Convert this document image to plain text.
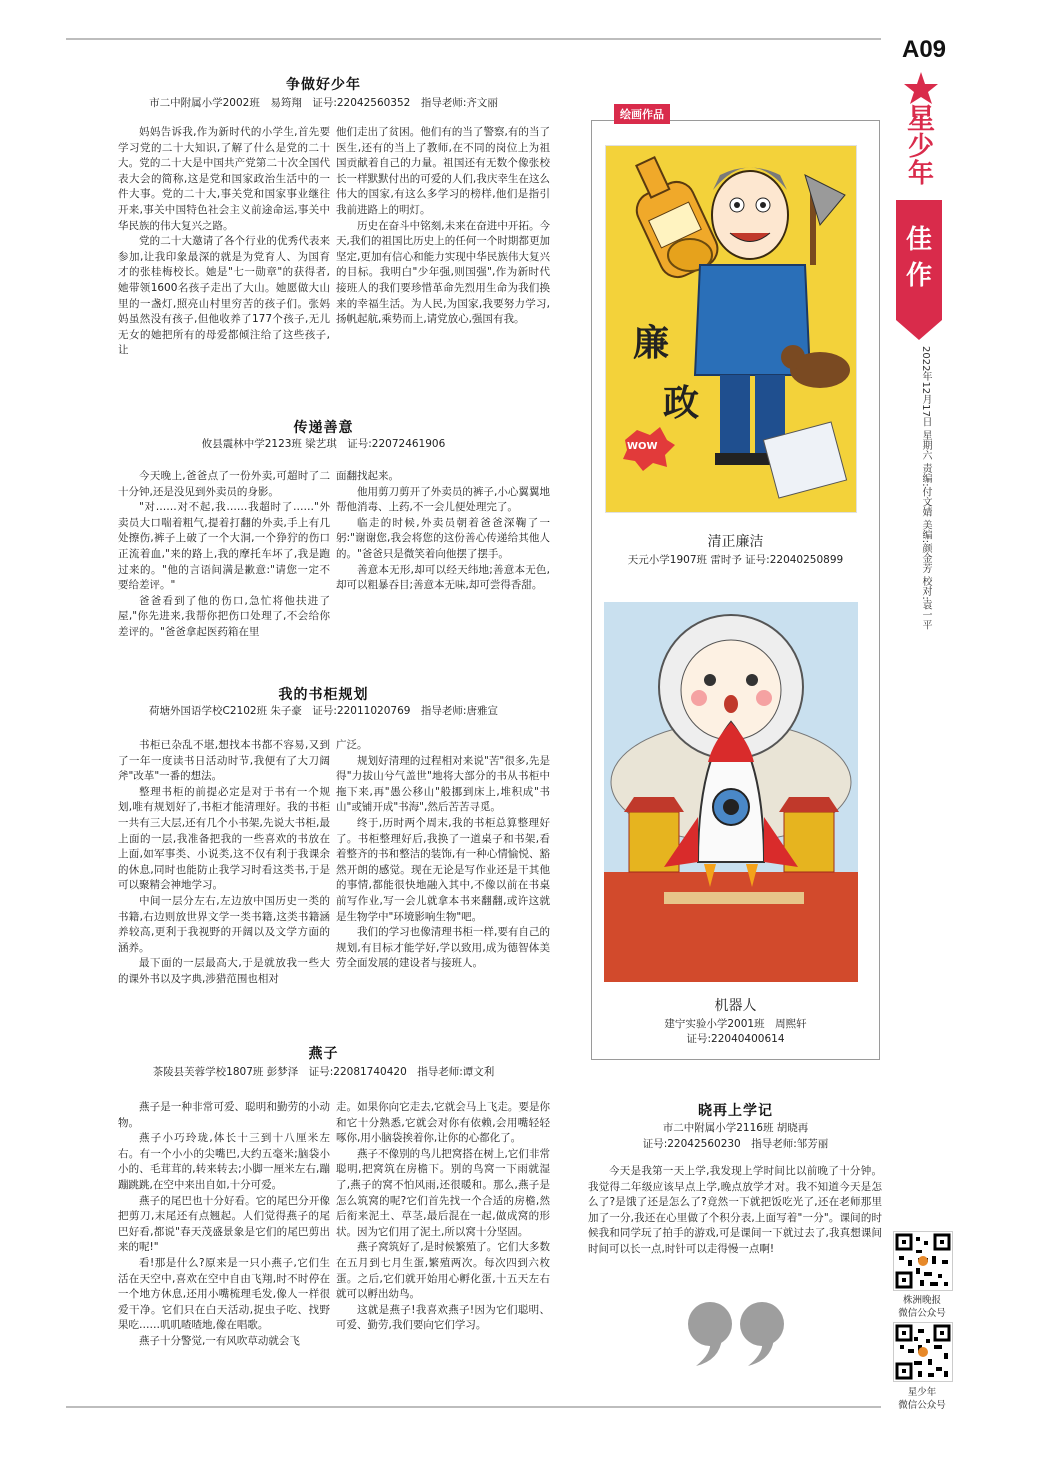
A09
星
少
年
佳作
2022年12月17日 星期六 责编:付文婧 美编:颜金芳 校对:袁一平
争做好少年
市二中附属小学2002班　易筠翔　证号:22042560352　指导老师:齐文丽

妈妈告诉我,作为新时代的小学生,首先要学习党的二十大知识,了解了什么是党的二十大。党的二十大是中国共产党第二十次全国代表大会的简称,这是党和国家政治生活中的一件大事。党的二十大,事关党和国家事业继往开来,事关中国特色社会主义前途命运,事关中华民族的伟大复兴之路。

党的二十大邀请了各个行业的优秀代表来参加,让我印象最深的就是为党育人、为国育才的张桂梅校长。她是"七一勋章"的获得者,她带领1600名孩子走出了大山。她愿做大山里的一盏灯,照亮山村里穷苦的孩子们。张妈妈虽然没有孩子,但他收养了177个孩子,无儿无女的她把所有的母爱都倾注给了这些孩子,让

他们走出了贫困。他们有的当了警察,有的当了医生,还有的当上了教师,在不同的岗位上为祖国贡献着自己的力量。祖国还有无数个像张校长一样默默付出的可爱的人们,我庆幸生在这么伟大的国家,有这么多学习的榜样,他们是指引我前进路上的明灯。

历史在奋斗中铭刻,未来在奋进中开拓。今天,我们的祖国比历史上的任何一个时期都更加坚定,更加有信心和能力实现中华民族伟大复兴的目标。我明白"少年强,则国强",作为新时代接班人的我们要珍惜革命先烈用生命为我们换来的幸福生活。为人民,为国家,我要努力学习,扬帆起航,乘势而上,请党放心,强国有我。

传递善意
攸县震林中学2123班 梁艺琪　证号:22072461906

今天晚上,爸爸点了一份外卖,可超时了二十分钟,还是没见到外卖员的身影。

"对……对不起,我……我超时了……"外卖员大口喘着粗气,提着打翻的外卖,手上有几处擦伤,裤子上破了一个大洞,一个狰狞的伤口正流着血,"来的路上,我的摩托车坏了,我是跑过来的。"他的言语间满是歉意:"请您一定不要给差评。"

爸爸看到了他的伤口,急忙将他扶进了屋,"你先进来,我帮你把伤口处理了,不会给你差评的。"爸爸拿起医药箱在里

面翻找起来。

他用剪刀剪开了外卖员的裤子,小心翼翼地帮他消毒、上药,不一会儿便处理完了。

临走的时候,外卖员朝着爸爸深鞠了一躬:"谢谢您,我会将您的这份善心传递给其他人的。"爸爸只是微笑着向他摆了摆手。

善意本无形,却可以经天纬地;善意本无色,却可以粗暴吞目;善意本无味,却可尝得香甜。

我的书柜规划
荷塘外国语学校C2102班 朱子豪　证号:22011020769　指导老师:唐雅宣

书柜已杂乱不堪,想找本书都不容易,又到了一年一度读书日活动时节,我便有了大刀阔斧"改革"一番的想法。

整理书柜的前提必定是对于书有一个规划,唯有规划好了,书柜才能清理好。我的书柜一共有三大层,还有几个小书架,先说大书柜,最上面的一层,我准备把我的一些喜欢的书放在上面,如军事类、小说类,这不仅有利于我课余的休息,同时也能防止我学习时看这类书,于是可以聚精会神地学习。

中间一层分左右,左边放中国历史一类的书籍,右边则放世界文学一类书籍,这类书籍涵养较高,更利于我视野的开阔以及文学方面的涵养。

最下面的一层最高大,于是就放我一些大的课外书以及字典,涉猎范围也相对

广泛。

规划好清理的过程相对来说"苦"很多,先是得"力拔山兮气盖世"地将大部分的书从书柜中拖下来,再"愚公移山"般挪到床上,堆积成"书山"或铺开成"书海",然后苦苦寻觅。

终于,历时两个周末,我的书柜总算整理好了。书柜整理好后,我换了一道桌子和书架,看着整齐的书和整洁的装饰,有一种心情愉悦、豁然开朗的感觉。现在无论是写作业还是干其他的事情,都能很快地融入其中,不像以前在书桌前写作业,写一会儿就拿本书来翻翻,或许这就是生物学中"环境影响生物"吧。

我们的学习也像清理书柜一样,要有自己的规划,有目标才能学好,学以致用,成为德智体美劳全面发展的建设者与接班人。

燕子
茶陵县芙蓉学校1807班 彭梦泽　证号:22081740420　指导老师:谭文利

燕子是一种非常可爱、聪明和勤劳的小动物。

燕子小巧玲珑,体长十三到十八厘米左右。有一个小小的尖嘴巴,大约五毫米;脑袋小小的、毛茸茸的,转来转去;小脚一厘米左右,蹦蹦跳跳,在空中来出自如,十分可爱。

燕子的尾巴也十分好看。它的尾巴分开像把剪刀,末尾还有点翘起。人们觉得燕子的尾巴好看,都说"春天茂盛景象是它们的尾巴剪出来的呢!"

看!那是什么?原来是一只小燕子,它们生活在天空中,喜欢在空中自由飞翔,时不时停在一个地方休息,还用小嘴梳理毛发,像人一样很爱干净。它们只在白天活动,捉虫子吃、找野果吃……叽叽喳喳地,像在唱歌。

燕子十分警觉,一有风吹草动就会飞

走。如果你向它走去,它就会马上飞走。要是你和它十分熟悉,它就会对你有依赖,会用嘴轻轻啄你,用小脑袋挨着你,让你的心都化了。

燕子不像别的鸟儿把窝搭在树上,它们非常聪明,把窝筑在房檐下。别的鸟窝一下雨就湿了,燕子的窝不怕风雨,还很暖和。那么,燕子是怎么筑窝的呢?它们首先找一个合适的房檐,然后衔来泥土、草茎,最后混在一起,做成窝的形状。因为它们用了泥土,所以窝十分坚固。

燕子窝筑好了,是时候繁殖了。它们大多数在五月到七月生蛋,繁殖两次。每次四到六枚蛋。之后,它们就开始用心孵化蛋,十五天左右就可以孵出幼鸟。

这就是燕子!我喜欢燕子!因为它们聪明、可爱、勤劳,我们要向它们学习。

绘画作品
廉
政
WOW
清正廉洁
天元小学1907班 雷时予 证号:22040250899
机器人
建宁实验小学2001班　周熙轩
证号:22040400614
晓再上学记
市二中附属小学2116班 胡晓再
证号:22042560230　指导老师:邹芳丽

今天是我第一天上学,我发现上学时间比以前晚了十分钟。我觉得二年级应该早点上学,晚点放学才对。我不知道今天是怎么了?是饿了还是怎么了?竟然一下就把饭吃光了,还在老师那里加了一分,我还在心里做了个积分表,上面写着"一分"。课间的时候我和同学玩了拍手的游戏,可是课间一下就过去了,我真想课间时间可以长一点,时针可以走得慢一点啊!

株洲晚报
微信公众号
星少年
微信公众号
